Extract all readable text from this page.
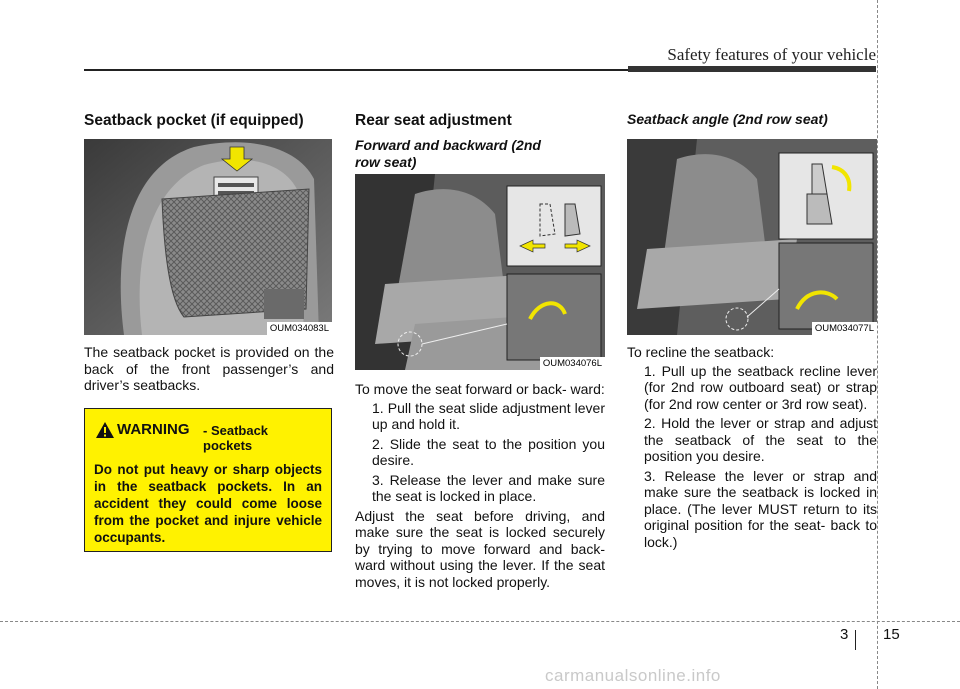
Safety features of your vehicle
Seatback pocket (if equipped)
OUM034083L
The seatback pocket is provided on the back of the front passenger’s and driver’s seatbacks.
WARNING - Seatback pockets
Do not put heavy or sharp objects in the seatback pockets. In an accident they could come loose from the pocket and injure vehicle occupants.
Rear seat adjustment
Forward and backward (2nd row seat)
OUM034076L

To move the seat forward or back- ward:

1. Pull the seat slide adjustment lever up and hold it.
2. Slide the seat to the position you desire.
3. Release the lever and make sure the seat is locked in place.

Adjust the seat before driving, and make sure the seat is locked securely by trying to move forward and back- ward without using the lever. If the seat moves, it is not locked properly.

Seatback angle (2nd row seat)
OUM034077L

To recline the seatback:

1. Pull up the seatback recline lever (for 2nd row outboard seat) or strap (for 2nd row center or 3rd row seat).
2. Hold the lever or strap and adjust the seatback of the seat to the position you desire.
3. Release the lever or strap and make sure the seatback is locked in place. (The lever MUST return to its original position for the seat- back to lock.)
3 15
carmanualsonline.info
